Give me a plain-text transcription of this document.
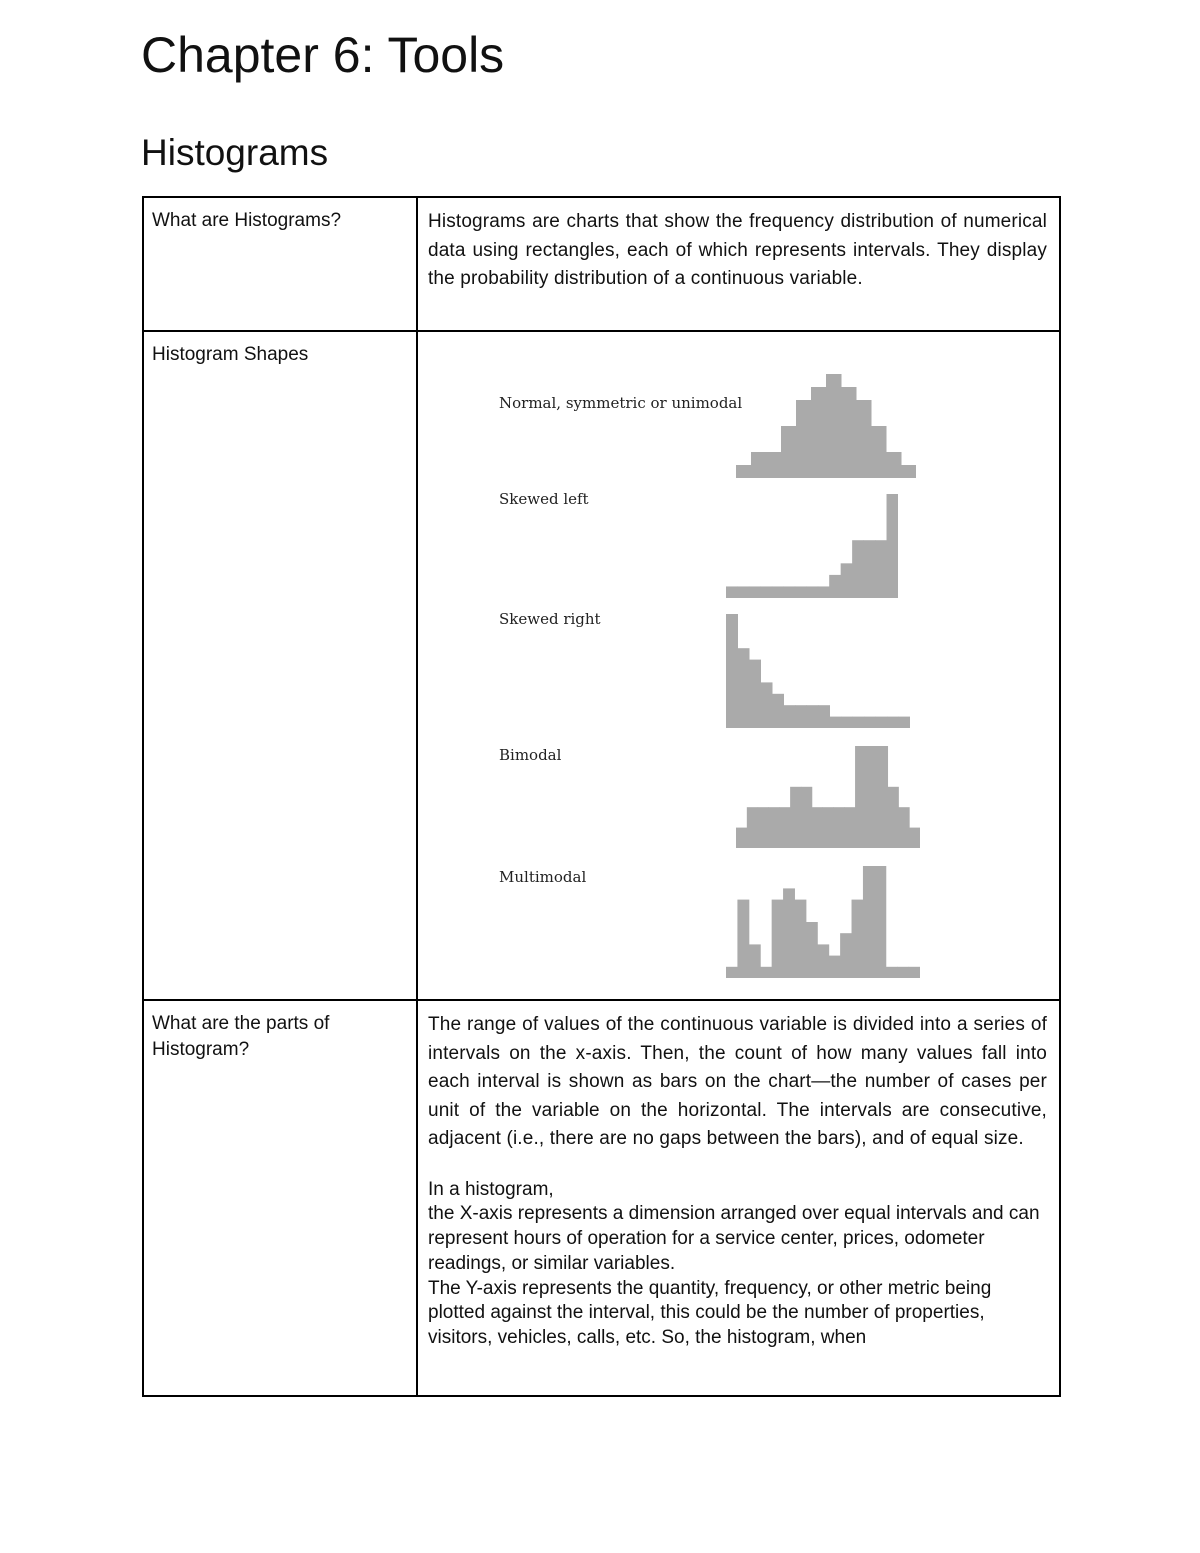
Chapter 6: Tools
Histograms
What are Histograms?	Histograms are charts that show the frequency distribution of numerical data using rectangles, each of which represents intervals. They display the probability distribution of a continuous variable.

Histogram Shapes	Normal, symmetric or unimodal
Skewed left
Skewed right
Bimodal
Multimodal

What are the parts of Histogram?	The range of values of the continuous variable is divided into a series of intervals on the x-axis. Then, the count of how many values fall into each interval is shown as bars on the chart—the number of cases per unit of the variable on the horizontal. The intervals are consecutive, adjacent (i.e., there are no gaps between the bars), and of equal size.
In a histogram,
the X-axis represents a dimension arranged over equal intervals and can represent hours of operation for a service center, prices, odometer readings, or similar variables.
The Y-axis represents the quantity, frequency, or other metric being plotted against the interval, this could be the number of properties, visitors, vehicles, calls, etc. So, the histogram, when
